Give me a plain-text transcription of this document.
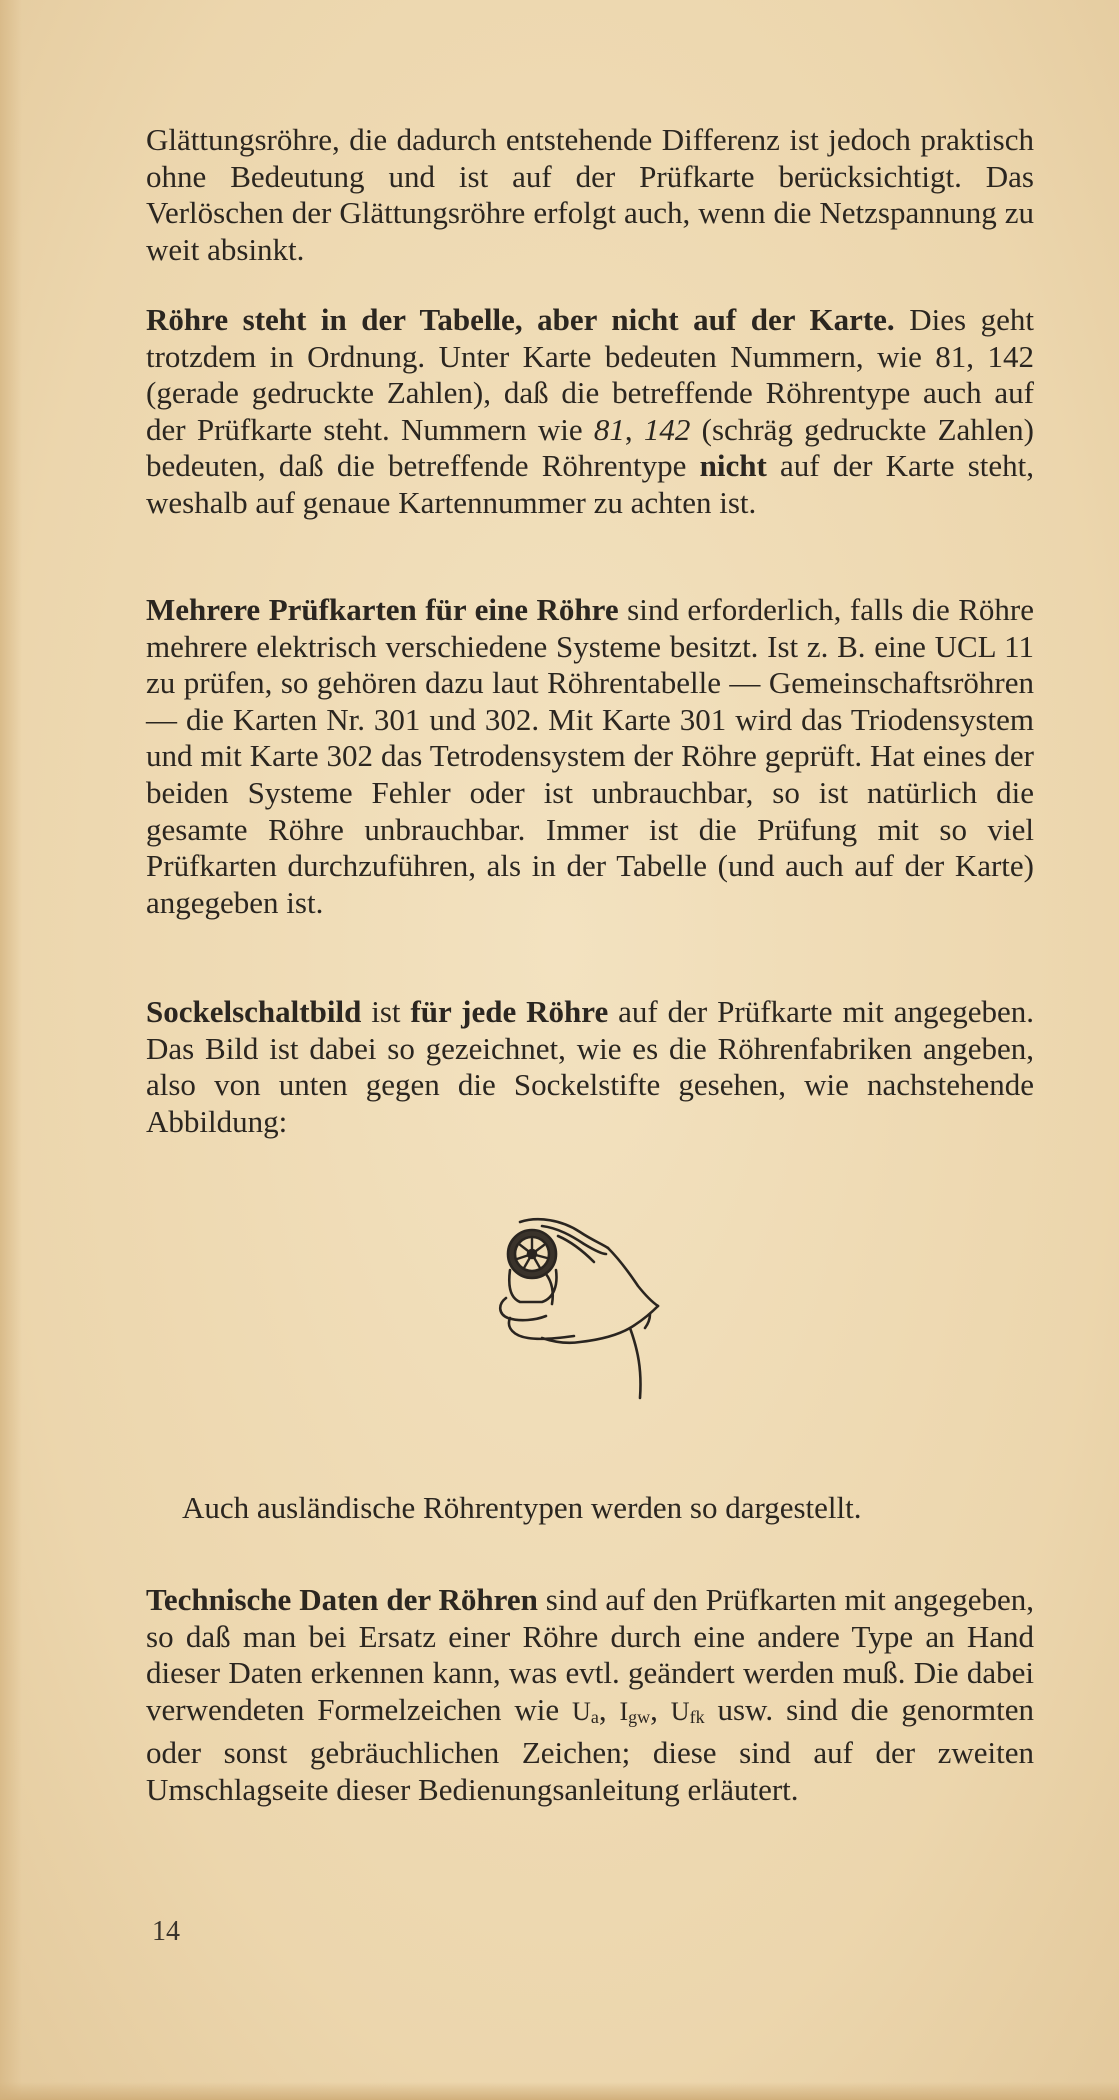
Glättungsröhre, die dadurch entstehende Differenz ist jedoch praktisch ohne Bedeutung und ist auf der Prüfkarte berücksichtigt. Das Verlöschen der Glättungsröhre erfolgt auch, wenn die Netzspannung zu weit absinkt.

Röhre steht in der Tabelle, aber nicht auf der Karte. Dies geht trotzdem in Ordnung. Unter Karte bedeuten Nummern, wie 81, 142 (gerade gedruckte Zahlen), daß die betreffende Röhrentype auch auf der Prüfkarte steht. Nummern wie 81, 142 (schräg gedruckte Zahlen) bedeuten, daß die betreffende Röhrentype nicht auf der Karte steht, weshalb auf genaue Kartennummer zu achten ist.

Mehrere Prüfkarten für eine Röhre sind erforderlich, falls die Röhre mehrere elektrisch verschiedene Systeme besitzt. Ist z. B. eine UCL 11 zu prüfen, so gehören dazu laut Röhrentabelle — Gemeinschaftsröhren — die Karten Nr. 301 und 302. Mit Karte 301 wird das Triodensystem und mit Karte 302 das Tetrodensystem der Röhre geprüft. Hat eines der beiden Systeme Fehler oder ist unbrauchbar, so ist natürlich die gesamte Röhre unbrauchbar. Immer ist die Prüfung mit so viel Prüfkarten durchzuführen, als in der Tabelle (und auch auf der Karte) angegeben ist.

Sockelschaltbild ist für jede Röhre auf der Prüfkarte mit angegeben. Das Bild ist dabei so gezeichnet, wie es die Röhrenfabriken angeben, also von unten gegen die Sockelstifte gesehen, wie nachstehende Abbildung:

Auch ausländische Röhrentypen werden so dargestellt.

Technische Daten der Röhren sind auf den Prüfkarten mit angegeben, so daß man bei Ersatz einer Röhre durch eine andere Type an Hand dieser Daten erkennen kann, was evtl. geändert werden muß. Die dabei verwendeten Formelzeichen wie $U_a$, $I_{gw}$, $U_{fk}$ usw. sind die genormten oder sonst gebräuchlichen Zeichen; diese sind auf der zweiten Umschlagseite dieser Bedienungsanleitung erläutert.

14
